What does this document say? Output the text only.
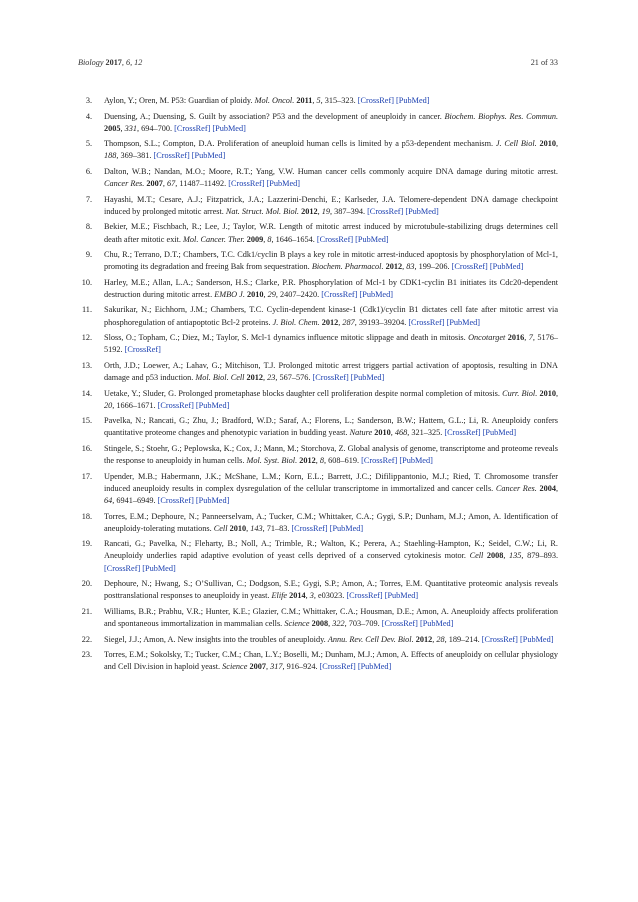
Biology 2017, 6, 12	21 of 33
3 . Aylon, Y.; Oren, M. P53: Guardian of ploidy. Mol. Oncol. 2011, 5, 315–323. [CrossRef] [PubMed]
4 . Duensing, A.; Duensing, S. Guilt by association? P53 and the development of aneuploidy in cancer. Biochem. Biophys. Res. Commun. 2005, 331, 694–700. [CrossRef] [PubMed]
5 . Thompson, S.L.; Compton, D.A. Proliferation of aneuploid human cells is limited by a p53-dependent mechanism. J. Cell Biol. 2010, 188, 369–381. [CrossRef] [PubMed]
6 . Dalton, W.B.; Nandan, M.O.; Moore, R.T.; Yang, V.W. Human cancer cells commonly acquire DNA damage during mitotic arrest. Cancer Res. 2007, 67, 11487–11492. [CrossRef] [PubMed]
7 . Hayashi, M.T.; Cesare, A.J.; Fitzpatrick, J.A.; Lazzerini-Denchi, E.; Karlseder, J.A. Telomere-dependent DNA damage checkpoint induced by prolonged mitotic arrest. Nat. Struct. Mol. Biol. 2012, 19, 387–394. [CrossRef] [PubMed]
8 . Bekier, M.E.; Fischbach, R.; Lee, J.; Taylor, W.R. Length of mitotic arrest induced by microtubule-stabilizing drugs determines cell death after mitotic exit. Mol. Cancer. Ther. 2009, 8, 1646–1654. [CrossRef] [PubMed]
9 . Chu, R.; Terrano, D.T.; Chambers, T.C. Cdk1/cyclin B plays a key role in mitotic arrest-induced apoptosis by phosphorylation of Mcl-1, promoting its degradation and freeing Bak from sequestration. Biochem. Pharmacol. 2012, 83, 199–206. [CrossRef] [PubMed]
10 . Harley, M.E.; Allan, L.A.; Sanderson, H.S.; Clarke, P.R. Phosphorylation of Mcl-1 by CDK1-cyclin B1 initiates its Cdc20-dependent destruction during mitotic arrest. EMBO J. 2010, 29, 2407–2420. [CrossRef] [PubMed]
11 . Sakurikar, N.; Eichhorn, J.M.; Chambers, T.C. Cyclin-dependent kinase-1 (Cdk1)/cyclin B1 dictates cell fate after mitotic arrest via phosphoregulation of antiapoptotic Bcl-2 proteins. J. Biol. Chem. 2012, 287, 39193–39204. [CrossRef] [PubMed]
12 . Sloss, O.; Topham, C.; Diez, M.; Taylor, S. Mcl-1 dynamics influence mitotic slippage and death in mitosis. Oncotarget 2016, 7, 5176–5192. [CrossRef]
13 . Orth, J.D.; Loewer, A.; Lahav, G.; Mitchison, T.J. Prolonged mitotic arrest triggers partial activation of apoptosis, resulting in DNA damage and p53 induction. Mol. Biol. Cell 2012, 23, 567–576. [CrossRef] [PubMed]
14 . Uetake, Y.; Sluder, G. Prolonged prometaphase blocks daughter cell proliferation despite normal completion of mitosis. Curr. Biol. 2010, 20, 1666–1671. [CrossRef] [PubMed]
15 . Pavelka, N.; Rancati, G.; Zhu, J.; Bradford, W.D.; Saraf, A.; Florens, L.; Sanderson, B.W.; Hattem, G.L.; Li, R. Aneuploidy confers quantitative proteome changes and phenotypic variation in budding yeast. Nature 2010, 468, 321–325. [CrossRef] [PubMed]
16 . Stingele, S.; Stoehr, G.; Peplowska, K.; Cox, J.; Mann, M.; Storchova, Z. Global analysis of genome, transcriptome and proteome reveals the response to aneuploidy in human cells. Mol. Syst. Biol. 2012, 8, 608–619. [CrossRef] [PubMed]
17 . Upender, M.B.; Habermann, J.K.; McShane, L.M.; Korn, E.L.; Barrett, J.C.; Difilippantonio, M.J.; Ried, T. Chromosome transfer induced aneuploidy results in complex dysregulation of the cellular transcriptome in immortalized and cancer cells. Cancer Res. 2004, 64, 6941–6949. [CrossRef] [PubMed]
18 . Torres, E.M.; Dephoure, N.; Panneerselvam, A.; Tucker, C.M.; Whittaker, C.A.; Gygi, S.P.; Dunham, M.J.; Amon, A. Identification of aneuploidy-tolerating mutations. Cell 2010, 143, 71–83. [CrossRef] [PubMed]
19 . Rancati, G.; Pavelka, N.; Fleharty, B.; Noll, A.; Trimble, R.; Walton, K.; Perera, A.; Staehling-Hampton, K.; Seidel, C.W.; Li, R. Aneuploidy underlies rapid adaptive evolution of yeast cells deprived of a conserved cytokinesis motor. Cell 2008, 135, 879–893. [CrossRef] [PubMed]
20 . Dephoure, N.; Hwang, S.; O’Sullivan, C.; Dodgson, S.E.; Gygi, S.P.; Amon, A.; Torres, E.M. Quantitative proteomic analysis reveals posttranslational responses to aneuploidy in yeast. Elife 2014, 3, e03023. [CrossRef] [PubMed]
21 . Williams, B.R.; Prabhu, V.R.; Hunter, K.E.; Glazier, C.M.; Whittaker, C.A.; Housman, D.E.; Amon, A. Aneuploidy affects proliferation and spontaneous immortalization in mammalian cells. Science 2008, 322, 703–709. [CrossRef] [PubMed]
22 . Siegel, J.J.; Amon, A. New insights into the troubles of aneuploidy. Annu. Rev. Cell Dev. Biol. 2012, 28, 189–214. [CrossRef] [PubMed]
23 . Torres, E.M.; Sokolsky, T.; Tucker, C.M.; Chan, L.Y.; Boselli, M.; Dunham, M.J.; Amon, A. Effects of aneuploidy on cellular physiology and Cell Div.ision in haploid yeast. Science 2007, 317, 916–924. [CrossRef] [PubMed]
